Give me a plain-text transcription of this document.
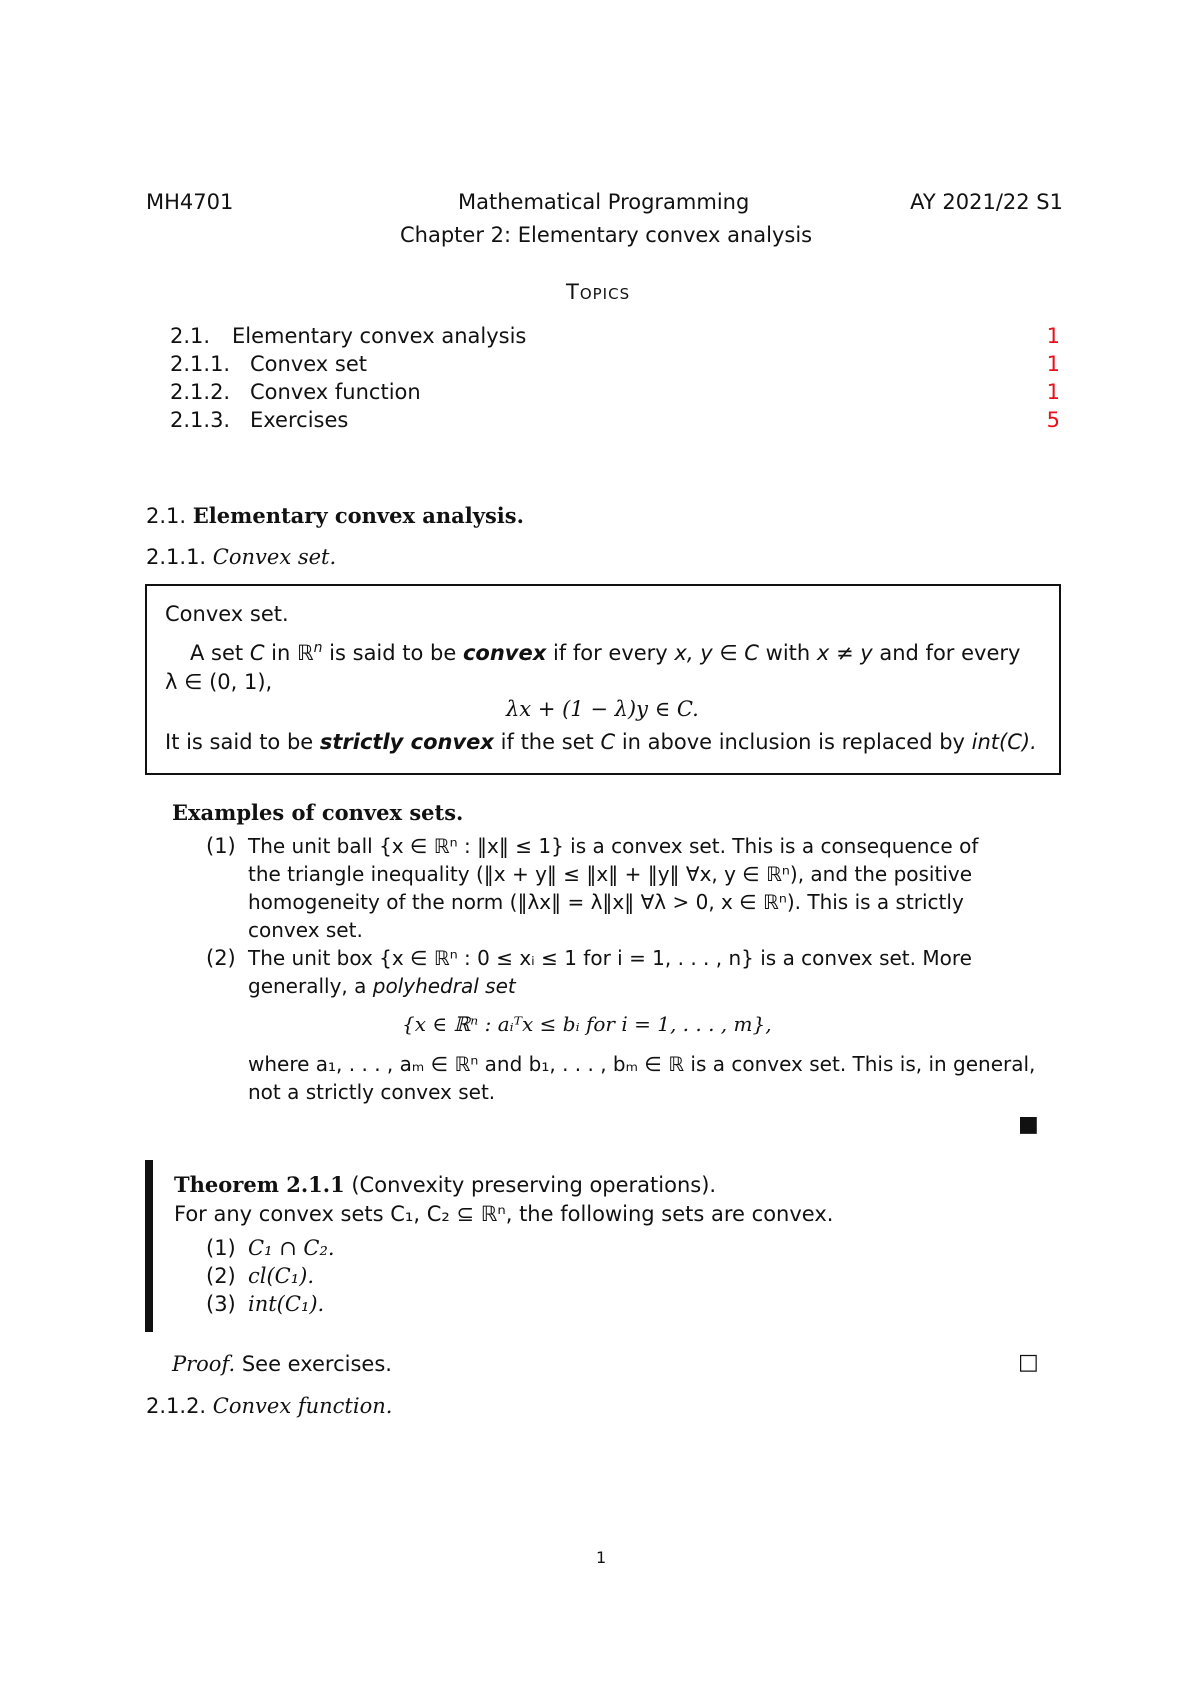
MH4701	Mathematical Programming	AY 2021/22 S1
Chapter 2: Elementary convex analysis
Topics
2.1. Elementary convex analysis	1
2.1.1. Convex set	1
2.1.2. Convex function	1
2.1.3. Exercises	5
2.1. Elementary convex analysis.
2.1.1. Convex set.
Convex set.
A set C in ℝ$^n$ is said to be convex if for every x, y ∈ C with x ≠ y and for every
λ ∈ (0, 1),
λx + (1 − λ)y ∈ C.
It is said to be strictly convex if the set C in above inclusion is replaced by int(C).
Examples of convex sets.
(1) The unit ball {x ∈ ℝⁿ : ‖x‖ ≤ 1} is a convex set. This is a consequence of
the triangle inequality (‖x + y‖ ≤ ‖x‖ + ‖y‖ ∀x, y ∈ ℝⁿ), and the positive
homogeneity of the norm (‖λx‖ = λ‖x‖ ∀λ > 0, x ∈ ℝⁿ). This is a strictly
convex set.
(2) The unit box {x ∈ ℝⁿ : 0 ≤ xᵢ ≤ 1 for i = 1, . . . , n} is a convex set. More
generally, a polyhedral set
{x ∈ ℝⁿ : aᵢᵀx ≤ bᵢ for i = 1, . . . , m},
where a₁, . . . , aₘ ∈ ℝⁿ and b₁, . . . , bₘ ∈ ℝ is a convex set. This is, in general,
not a strictly convex set.
■
Theorem 2.1.1 (Convexity preserving operations).
For any convex sets C₁, C₂ ⊆ ℝⁿ, the following sets are convex.
(1) C₁ ∩ C₂.
(2) cl(C₁).
(3) int(C₁).
Proof. See exercises.	□
2.1.2. Convex function.
1
